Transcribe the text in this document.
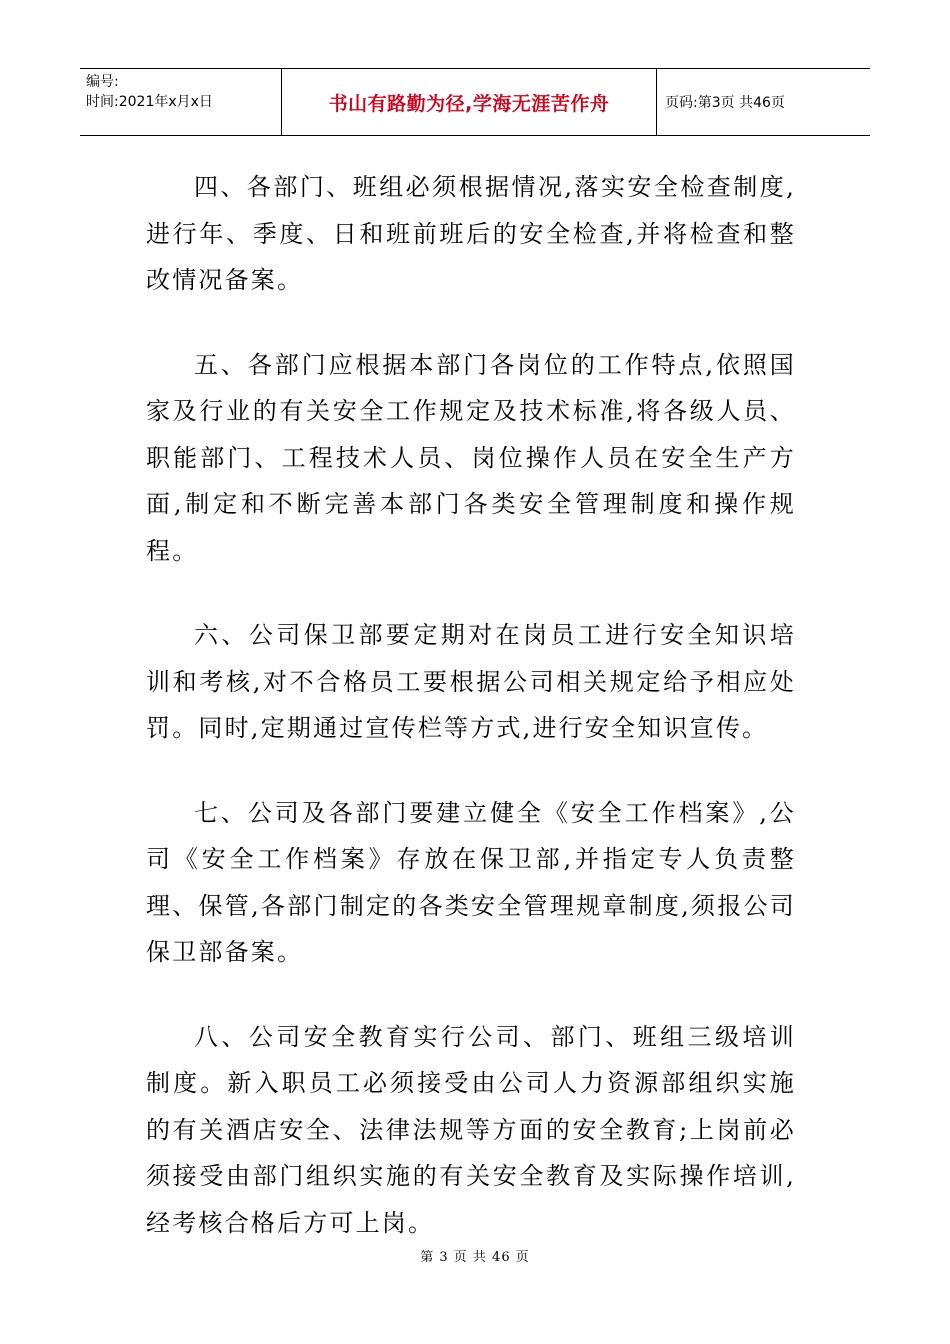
编号:
时间:2021年x月x日	书山有路勤为径,学海无涯苦作舟	页码:第3页 共46页

四、各部门、班组必须根据情况,落实安全检查制度,进行年、季度、日和班前班后的安全检查,并将检查和整改情况备案。

五、各部门应根据本部门各岗位的工作特点,依照国家及行业的有关安全工作规定及技术标准,将各级人员、职能部门、工程技术人员、岗位操作人员在安全生产方面,制定和不断完善本部门各类安全管理制度和操作规程。

六、公司保卫部要定期对在岗员工进行安全知识培训和考核,对不合格员工要根据公司相关规定给予相应处罚。同时,定期通过宣传栏等方式,进行安全知识宣传。

七、公司及各部门要建立健全《安全工作档案》,公司《安全工作档案》存放在保卫部,并指定专人负责整理、保管,各部门制定的各类安全管理规章制度,须报公司保卫部备案。

八、公司安全教育实行公司、部门、班组三级培训制度。新入职员工必须接受由公司人力资源部组织实施的有关酒店安全、法律法规等方面的安全教育;上岗前必须接受由部门组织实施的有关安全教育及实际操作培训,经考核合格后方可上岗。

第 3 页 共 46 页
